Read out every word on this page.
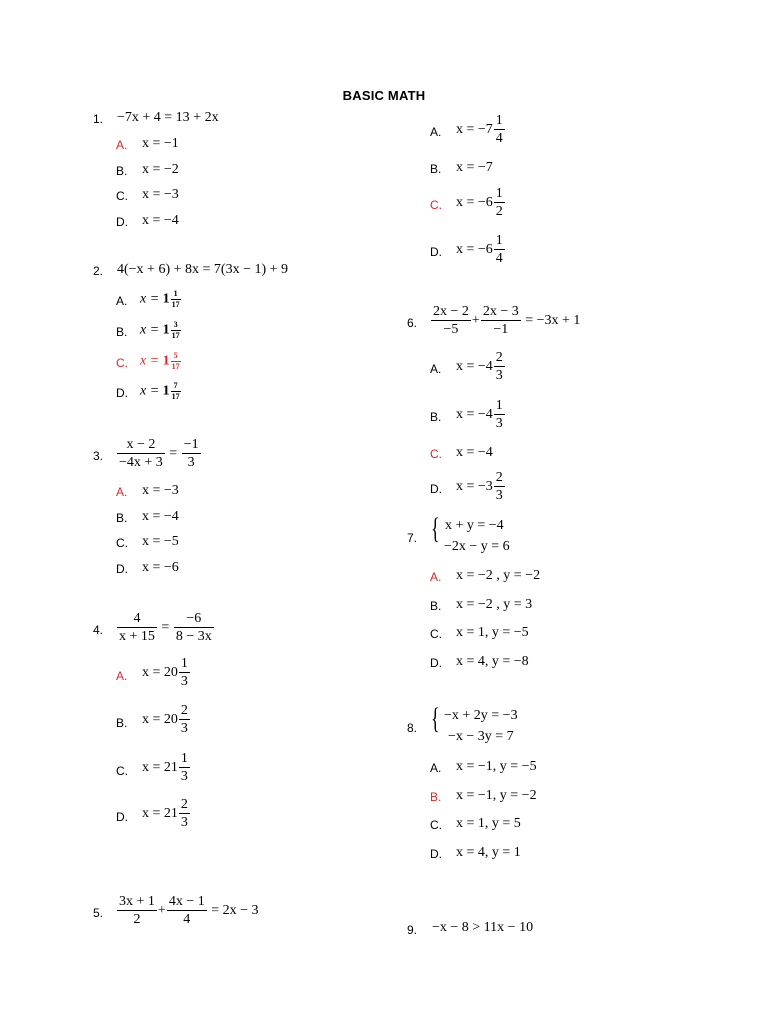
BASIC MATH
1. −7x + 4 = 13 + 2x
A. x = −1
B. x = −2
C. x = −3
D. x = −4
2. 4(−x + 6) + 8x = 7(3x − 1) + 9
A. $x = 1 \frac{1}{17}$
B. $x = 1 \frac{3}{17}$
C. $x = 1 \frac{5}{17}$
D. $x = 1 \frac{7}{17}$
3. $\frac{x - 2}{-4x + 3} = \frac{-1}{3}$
A. x = −3
B. x = −4
C. x = −5
D. x = −6
4. $\frac{4}{x + 15} = \frac{-6}{8 - 3x}$
A. $x = 20 \frac{1}{3}$
B. $x = 20 \frac{2}{3}$
C. $x = 21 \frac{1}{3}$
D. $x = 21 \frac{2}{3}$
5. $\frac{3x + 1}{2} + \frac{4x - 1}{4} = 2x - 3$
A. $x = -7 \frac{1}{4}$
B. x = −7
C. $x = -6 \frac{1}{2}$
D. $x = -6 \frac{1}{4}$
6. $\frac{2x - 2}{-5} + \frac{2x - 3}{-1} = -3x + 1$
A. $x = -4 \frac{2}{3}$
B. $x = -4 \frac{1}{3}$
C. x = −4
D. $x = -3 \frac{2}{3}$
7. { x + y = −4
−2x − y = 6
A. x = −2 , y = −2
B. x = −2 , y = 3
C. x = 1, y = −5
D. x = 4, y = −8
8. { −x + 2y = −3
−x − 3y = 7
A. x = −1, y = −5
B. x = −1, y = −2
C. x = 1, y = 5
D. x = 4, y = 1
9. −x − 8 > 11x − 10
